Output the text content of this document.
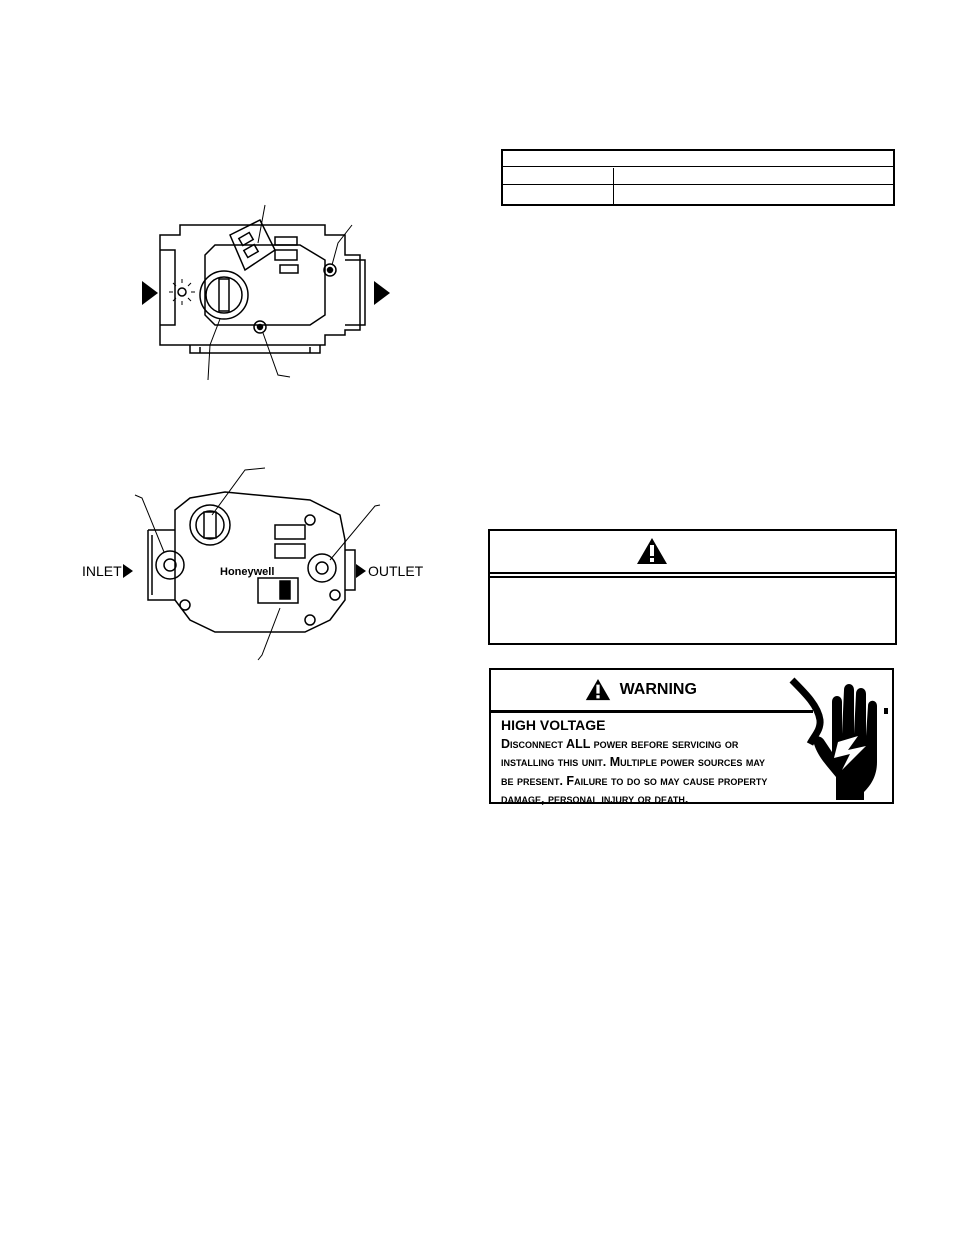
Honeywell
INLET	OUTLET
WARNING
HIGH VOLTAGE
Disconnect ALL power before servicing or
installing this unit. Multiple power sources may
be present. Failure to do so may cause property
damage, personal injury or death.
